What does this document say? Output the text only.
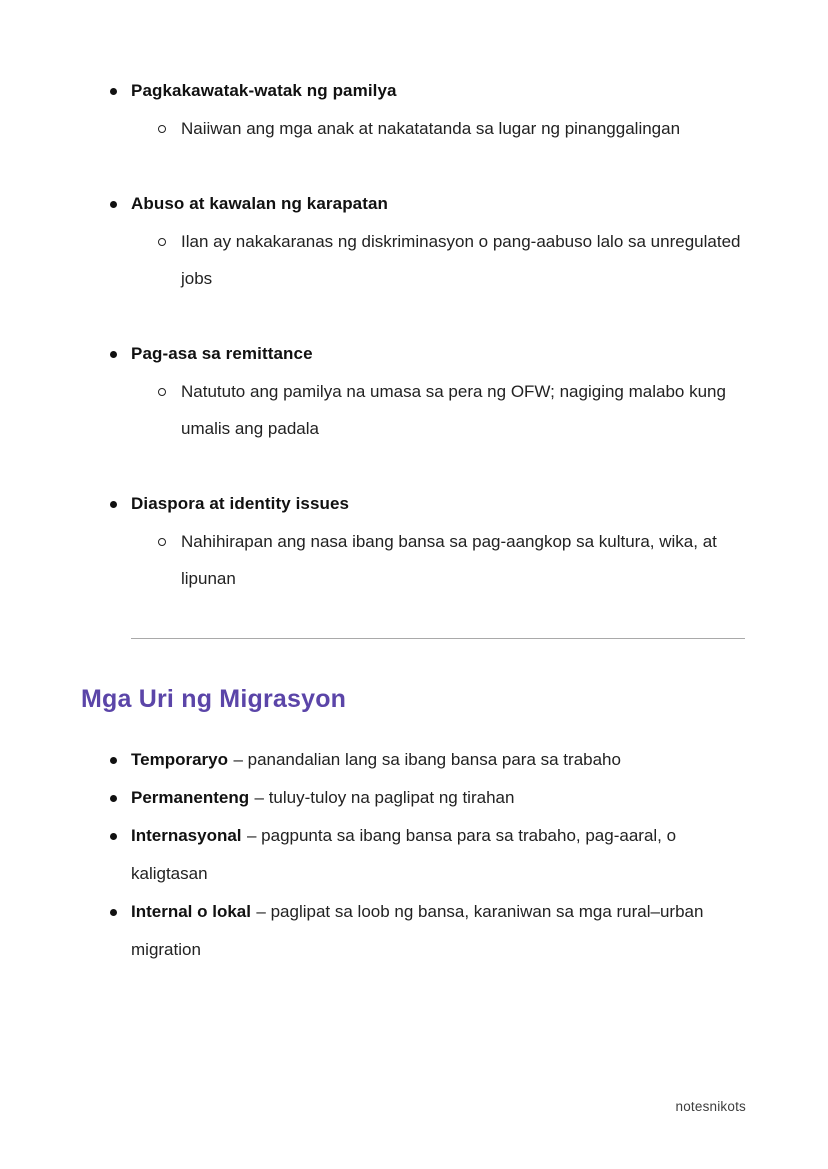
Pagkakawatak-watak ng pamilya
Naiiwan ang mga anak at nakatatanda sa lugar ng pinanggalingan
Abuso at kawalan ng karapatan
Ilan ay nakakaranas ng diskriminasyon o pang-aabuso lalo sa unregulated jobs
Pag-asa sa remittance
Natututo ang pamilya na umasa sa pera ng OFW; nagiging malabo kung umalis ang padala
Diaspora at identity issues
Nahihirapan ang nasa ibang bansa sa pag-aangkop sa kultura, wika, at lipunan
Mga Uri ng Migrasyon
Temporaryo – panandalian lang sa ibang bansa para sa trabaho
Permanenteng – tuluy-tuloy na paglipat ng tirahan
Internasyonal – pagpunta sa ibang bansa para sa trabaho, pag-aaral, o kaligtasan
Internal o lokal – paglipat sa loob ng bansa, karaniwan sa mga rural–urban migration
notesnikots
